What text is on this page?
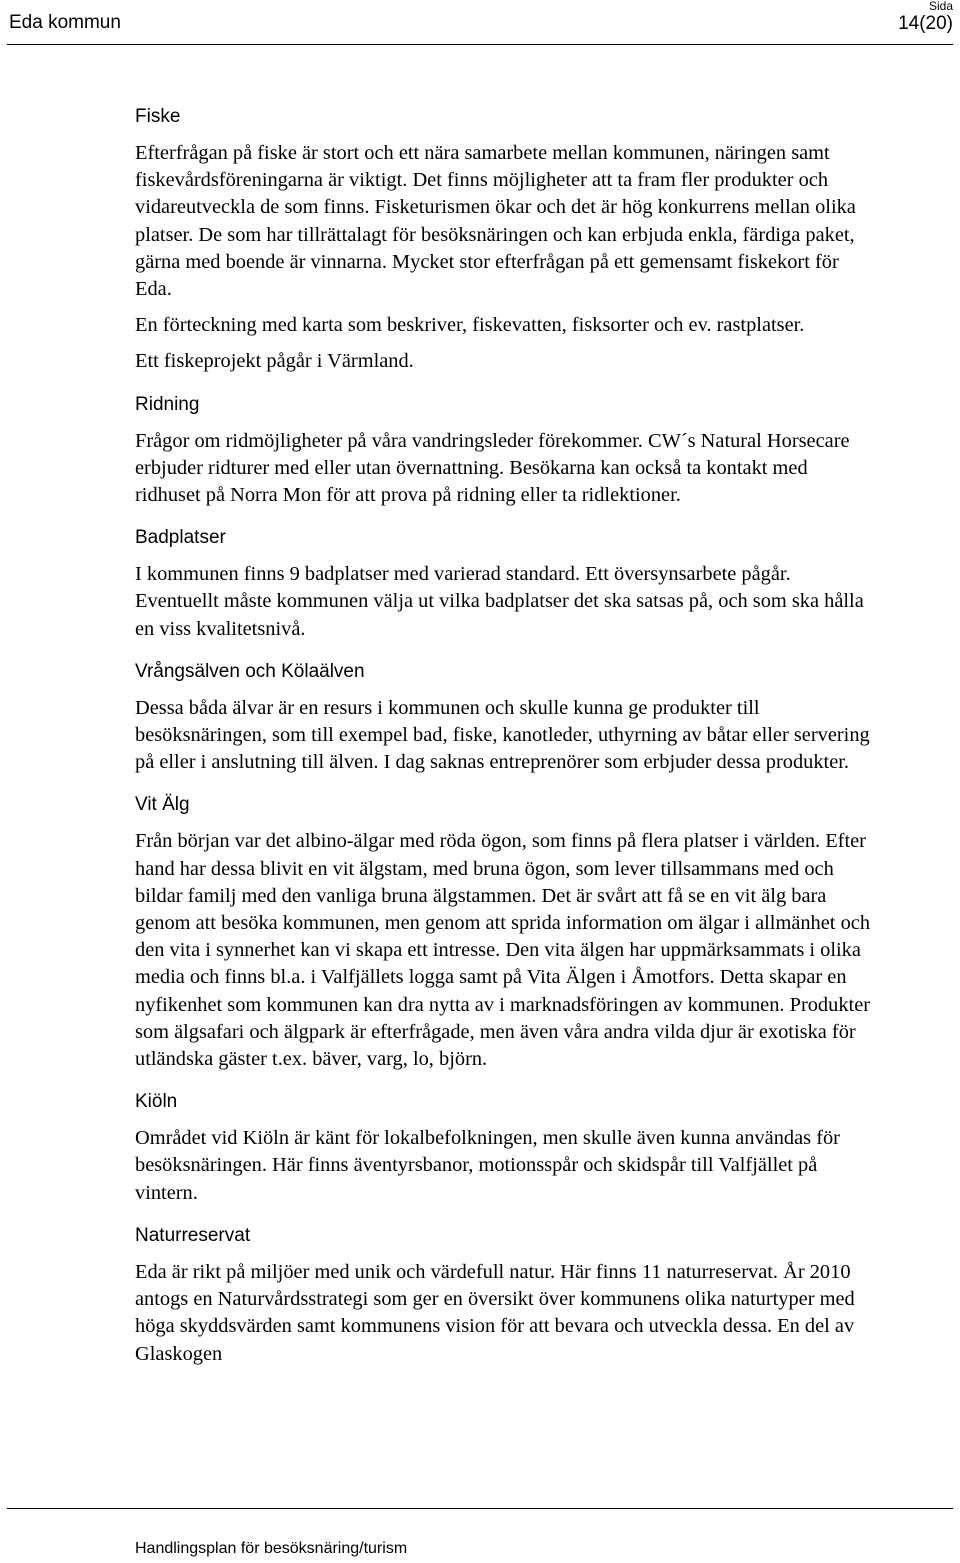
Eda kommun
Sida
14(20)
Fiske
Efterfrågan på fiske är stort och ett nära samarbete mellan kommunen, näringen samt fiskevårdsföreningarna är viktigt. Det finns möjligheter att ta fram fler produkter och vidareutveckla de som finns. Fisketurismen ökar och det är hög konkurrens mellan olika platser. De som har tillrättalagt för besöksnäringen och kan erbjuda enkla, färdiga paket, gärna med boende är vinnarna. Mycket stor efterfrågan på ett gemensamt fiskekort för Eda.
En förteckning med karta som beskriver, fiskevatten, fisksorter och ev. rastplatser.
Ett fiskeprojekt pågår i Värmland.
Ridning
Frågor om ridmöjligheter på våra vandringsleder förekommer. CW´s Natural Horsecare erbjuder ridturer med eller utan övernattning. Besökarna kan också ta kontakt med ridhuset på Norra Mon för att prova på ridning eller ta ridlektioner.
Badplatser
I kommunen finns 9 badplatser med varierad standard. Ett översynsarbete pågår. Eventuellt måste kommunen välja ut vilka badplatser det ska satsas på, och som ska hålla en viss kvalitetsnivå.
Vrångsälven och Kölaälven
Dessa båda älvar är en resurs i kommunen och skulle kunna ge produkter till besöksnäringen, som till exempel bad, fiske, kanotleder, uthyrning av båtar eller servering på eller i anslutning till älven. I dag saknas entreprenörer som erbjuder dessa produkter.
Vit Älg
Från början var det albino-älgar med röda ögon, som finns på flera platser i världen. Efter hand har dessa blivit en vit älgstam, med bruna ögon, som lever tillsammans med och bildar familj med den vanliga bruna älgstammen. Det är svårt att få se en vit älg bara genom att besöka kommunen, men genom att sprida information om älgar i allmänhet och den vita i synnerhet kan vi skapa ett intresse. Den vita älgen har uppmärksammats i olika media och finns bl.a. i Valfjällets logga samt på Vita Älgen i Åmotfors. Detta skapar en nyfikenhet som kommunen kan dra nytta av i marknadsföringen av kommunen. Produkter som älgsafari och älgpark är efterfrågade, men även våra andra vilda djur är exotiska för utländska gäster t.ex. bäver, varg, lo, björn.
Kiöln
Området vid Kiöln är känt för lokalbefolkningen, men skulle även kunna användas för besöksnäringen. Här finns äventyrsbanor, motionsspår och skidspår till Valfjället på vintern.
Naturreservat
Eda är rikt på miljöer med unik och värdefull natur. Här finns 11 naturreservat. År 2010 antogs en Naturvårdsstrategi som ger en översikt över kommunens olika naturtyper med höga skyddsvärden samt kommunens vision för att bevara och utveckla dessa. En del av Glaskogen
Handlingsplan för besöksnäring/turism
